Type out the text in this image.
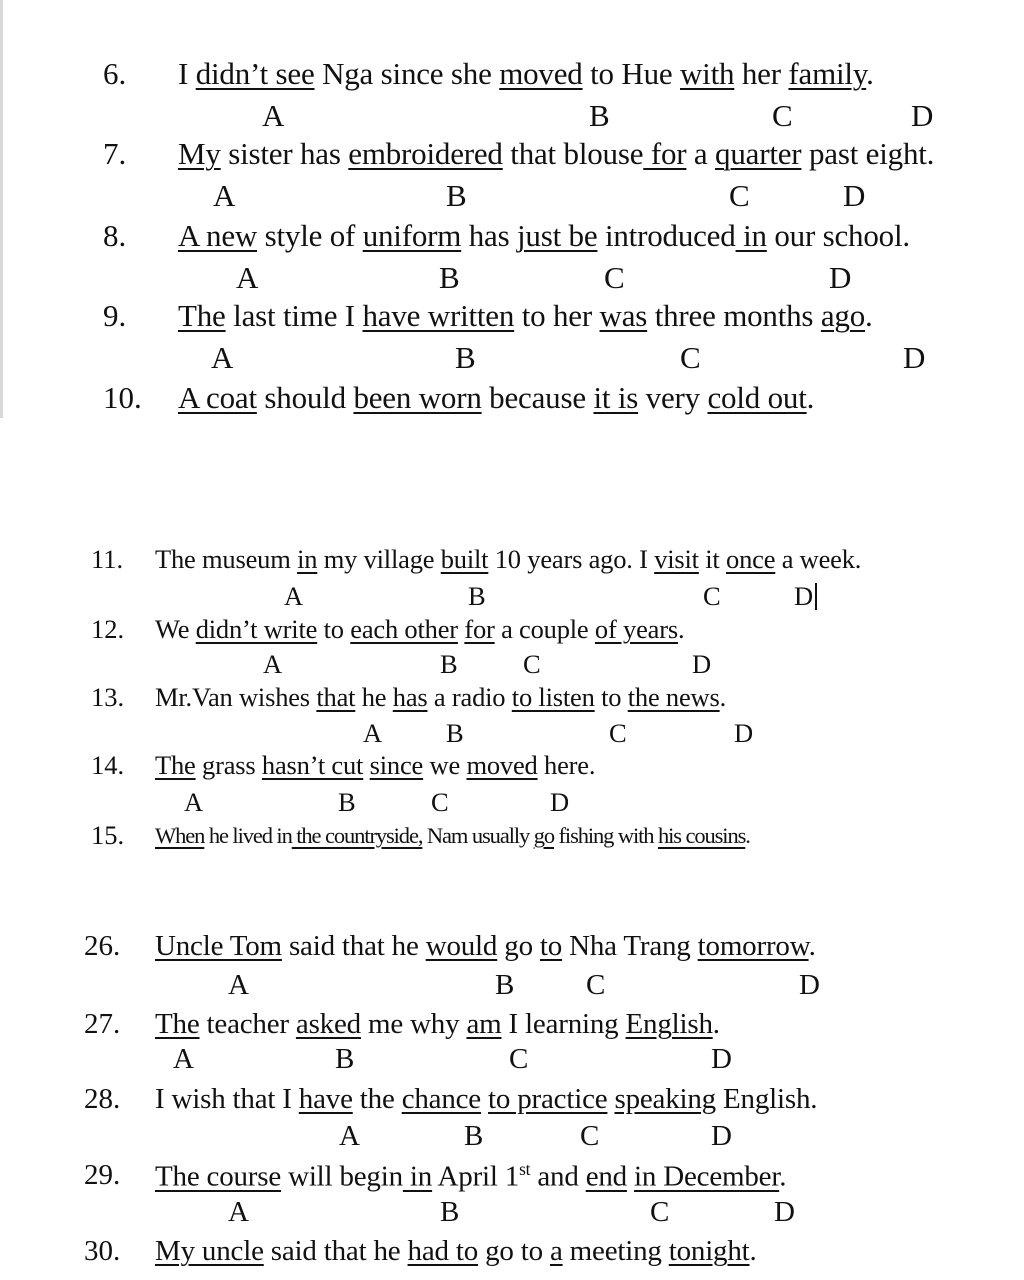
6. I didn’t see Nga since she moved to Hue with her family.
A	B	C	D
7. My sister has embroidered that blouse for a quarter past eight.
A	B	C	D
8. A new style of uniform has just be introduced in our school.
A	B	C	D
9. The last time I have written to her was three months ago.
A	B	C	D
10. A coat should been worn because it is very cold out.
11. The museum in my village built 10 years ago. I visit it once a week.
A	B	C	D
12. We didn’t write to each other for a couple of years.
A	B C	D
13. Mr.Van wishes that he has a radio to listen to the news.
A B	C	D
14. The grass hasn’t cut since we moved here.
A	B	C	D
15. When he lived in the countryside, Nam usually go fishing with his cousins.
26. Uncle Tom said that he would go to Nha Trang tomorrow.
A	B C	D
27. The teacher asked me why am I learning English.
A	B	C	D
28. I wish that I have the chance to practice speaking English.
A	B	C	D
29. The course will begin in April 1st and end in December.
A	B	C	D
30. My uncle said that he had to go to a meeting tonight.
